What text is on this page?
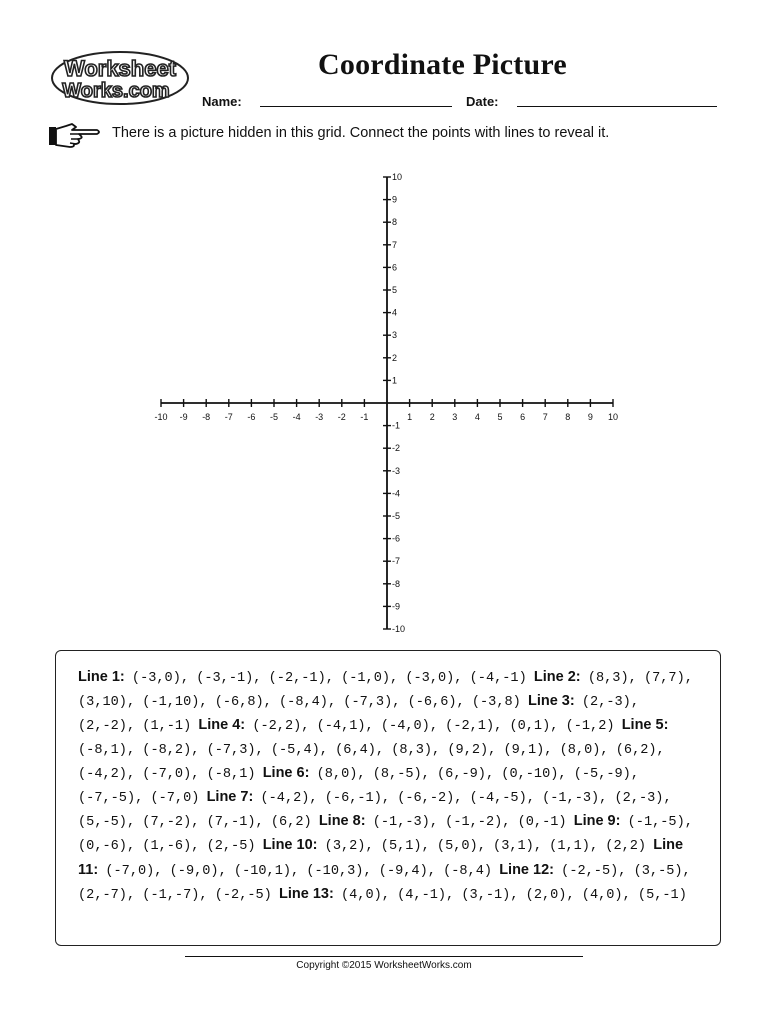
Worksheet
Works.com
Coordinate Picture
Name:	Date:
There is a picture hidden in this grid. Connect the points with lines to reveal it.
-10 -9 -8 -7 -6 -5 -4 -3 -2 -1	1 2 3 4 5 6 7 8 9 10
10
9
8
7
6
5
4
3
2
1
-1
-2
-3
-4
-5
-6
-7
-8
-9
-10
Line 1: (-3,0), (-3,-1), (-2,-1), (-1,0), (-3,0), (-4,-1) Line 2: (8,3), (7,7), (3,10), (-1,10), (-6,8), (-8,4), (-7,3), (-6,6), (-3,8) Line 3: (2,-3), (2,-2), (1,-1) Line 4: (-2,2), (-4,1), (-4,0), (-2,1), (0,1), (-1,2) Line 5: (-8,1), (-8,2), (-7,3), (-5,4), (6,4), (8,3), (9,2), (9,1), (8,0), (6,2), (-4,2), (-7,0), (-8,1) Line 6: (8,0), (8,-5), (6,-9), (0,-10), (-5,-9), (-7,-5), (-7,0) Line 7: (-4,2), (-6,-1), (-6,-2), (-4,-5), (-1,-3), (2,-3), (5,-5), (7,-2), (7,-1), (6,2) Line 8: (-1,-3), (-1,-2), (0,-1) Line 9: (-1,-5), (0,-6), (1,-6), (2,-5) Line 10: (3,2), (5,1), (5,0), (3,1), (1,1), (2,2) Line 11: (-7,0), (-9,0), (-10,1), (-10,3), (-9,4), (-8,4) Line 12: (-2,-5), (3,-5), (2,-7), (-1,-7), (-2,-5) Line 13: (4,0), (4,-1), (3,-1), (2,0), (4,0), (5,-1)
Copyright ©2015 WorksheetWorks.com
